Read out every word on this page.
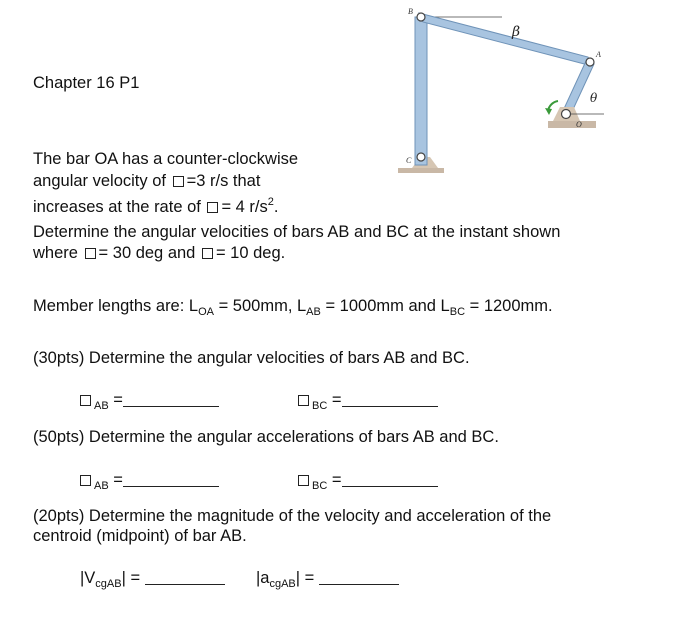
Chapter 16 P1
The bar OA has a counter-clockwise
angular velocity of =3 r/s that
increases at the rate of = 4 $r/s^2$.
Determine the angular velocities of bars AB and BC at the instant shown
where = 30 deg and = 10 deg.
Member lengths are: $L_{OA} = 500mm$, $L_{AB} = 1000mm$ and $L_{BC} = 1200mm$.
(30pts) Determine the angular velocities of bars AB and BC.
$_{AB}$ =	$_{BC}$ =
(50pts) Determine the angular accelerations of bars AB and BC.
$_{AB}$ =	$_{BC}$ =
(20pts) Determine the magnitude of the velocity and acceleration of the
centroid (midpoint) of bar AB.
$|V_{cgAB}|$ =	$|a_{cgAB}|$ =
B
A
C
O
β
θ
